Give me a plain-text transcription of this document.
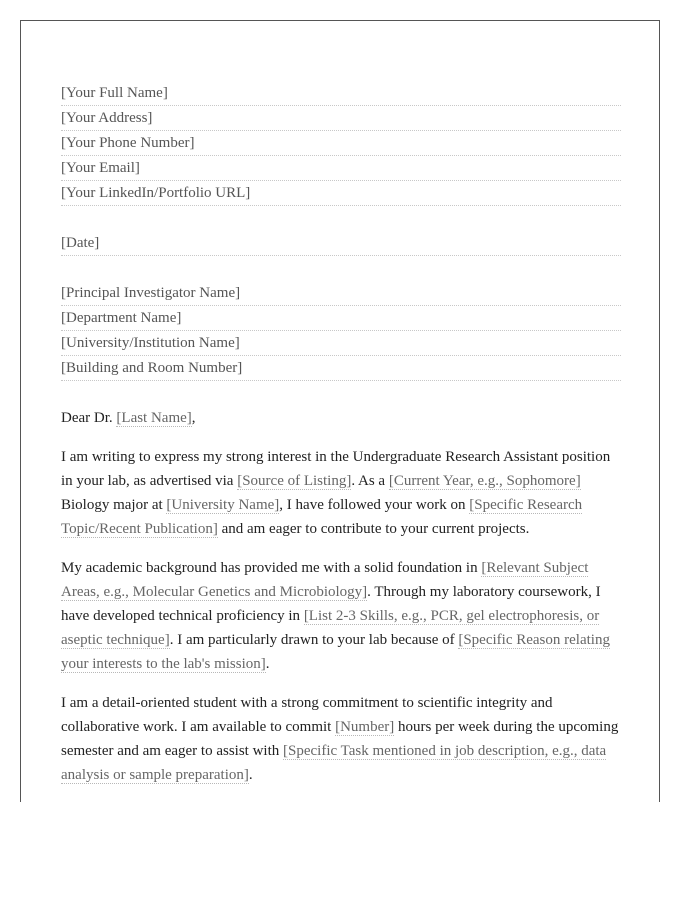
[Your Full Name]
[Your Address]
[Your Phone Number]
[Your Email]
[Your LinkedIn/Portfolio URL]
[Date]
[Principal Investigator Name]
[Department Name]
[University/Institution Name]
[Building and Room Number]
Dear Dr. [Last Name],

I am writing to express my strong interest in the Undergraduate Research Assistant position in your lab, as advertised via [Source of Listing]. As a [Current Year, e.g., Sophomore] Biology major at [University Name], I have followed your work on [Specific Research Topic/Recent Publication] and am eager to contribute to your current projects.

My academic background has provided me with a solid foundation in [Relevant Subject Areas, e.g., Molecular Genetics and Microbiology]. Through my laboratory coursework, I have developed technical proficiency in [List 2-3 Skills, e.g., PCR, gel electrophoresis, or aseptic technique]. I am particularly drawn to your lab because of [Specific Reason relating your interests to the lab's mission].

I am a detail-oriented student with a strong commitment to scientific integrity and collaborative work. I am available to commit [Number] hours per week during the upcoming semester and am eager to assist with [Specific Task mentioned in job description, e.g., data analysis or sample preparation].
